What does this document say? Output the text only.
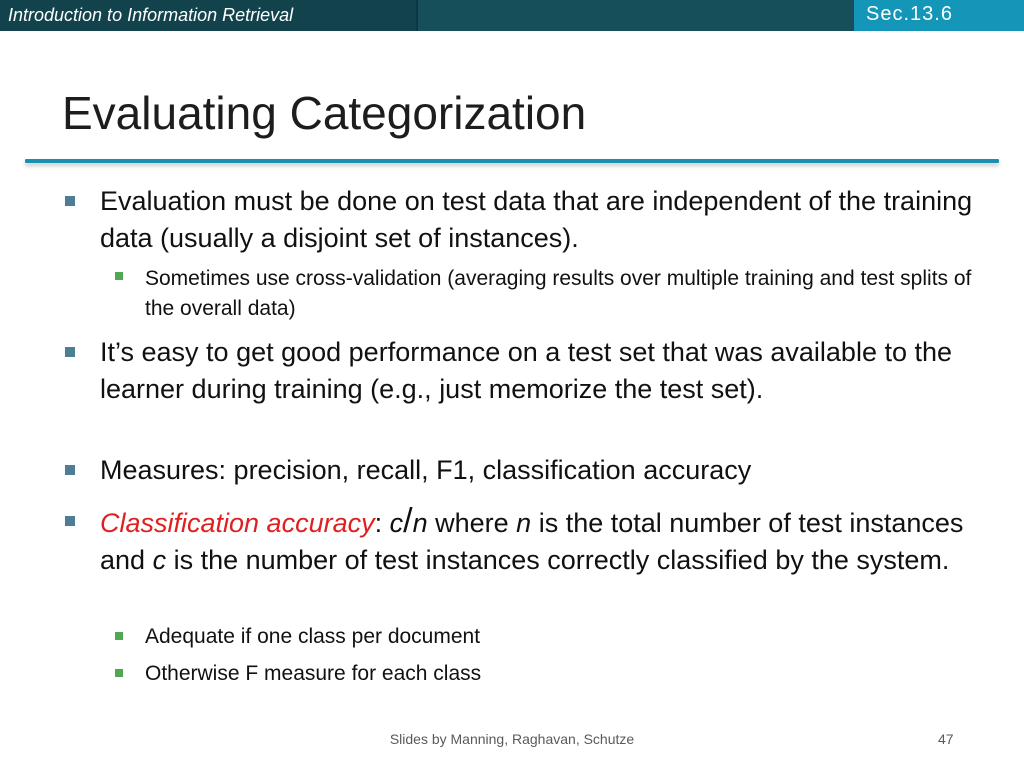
Introduction to Information Retrieval	Sec.13.6
Evaluating Categorization
Evaluation must be done on test data that are independent of the training data (usually a disjoint set of instances).
Sometimes use cross-validation (averaging results over multiple training and test splits of the overall data)
It’s easy to get good performance on a test set that was available to the learner during training (e.g., just memorize the test set).
Measures: precision, recall, F1, classification accuracy
Classification accuracy: c/n where n is the total number of test instances and c is the number of test instances correctly classified by the system.
Adequate if one class per document
Otherwise F measure for each class
Slides by Manning, Raghavan, Schutze	47
